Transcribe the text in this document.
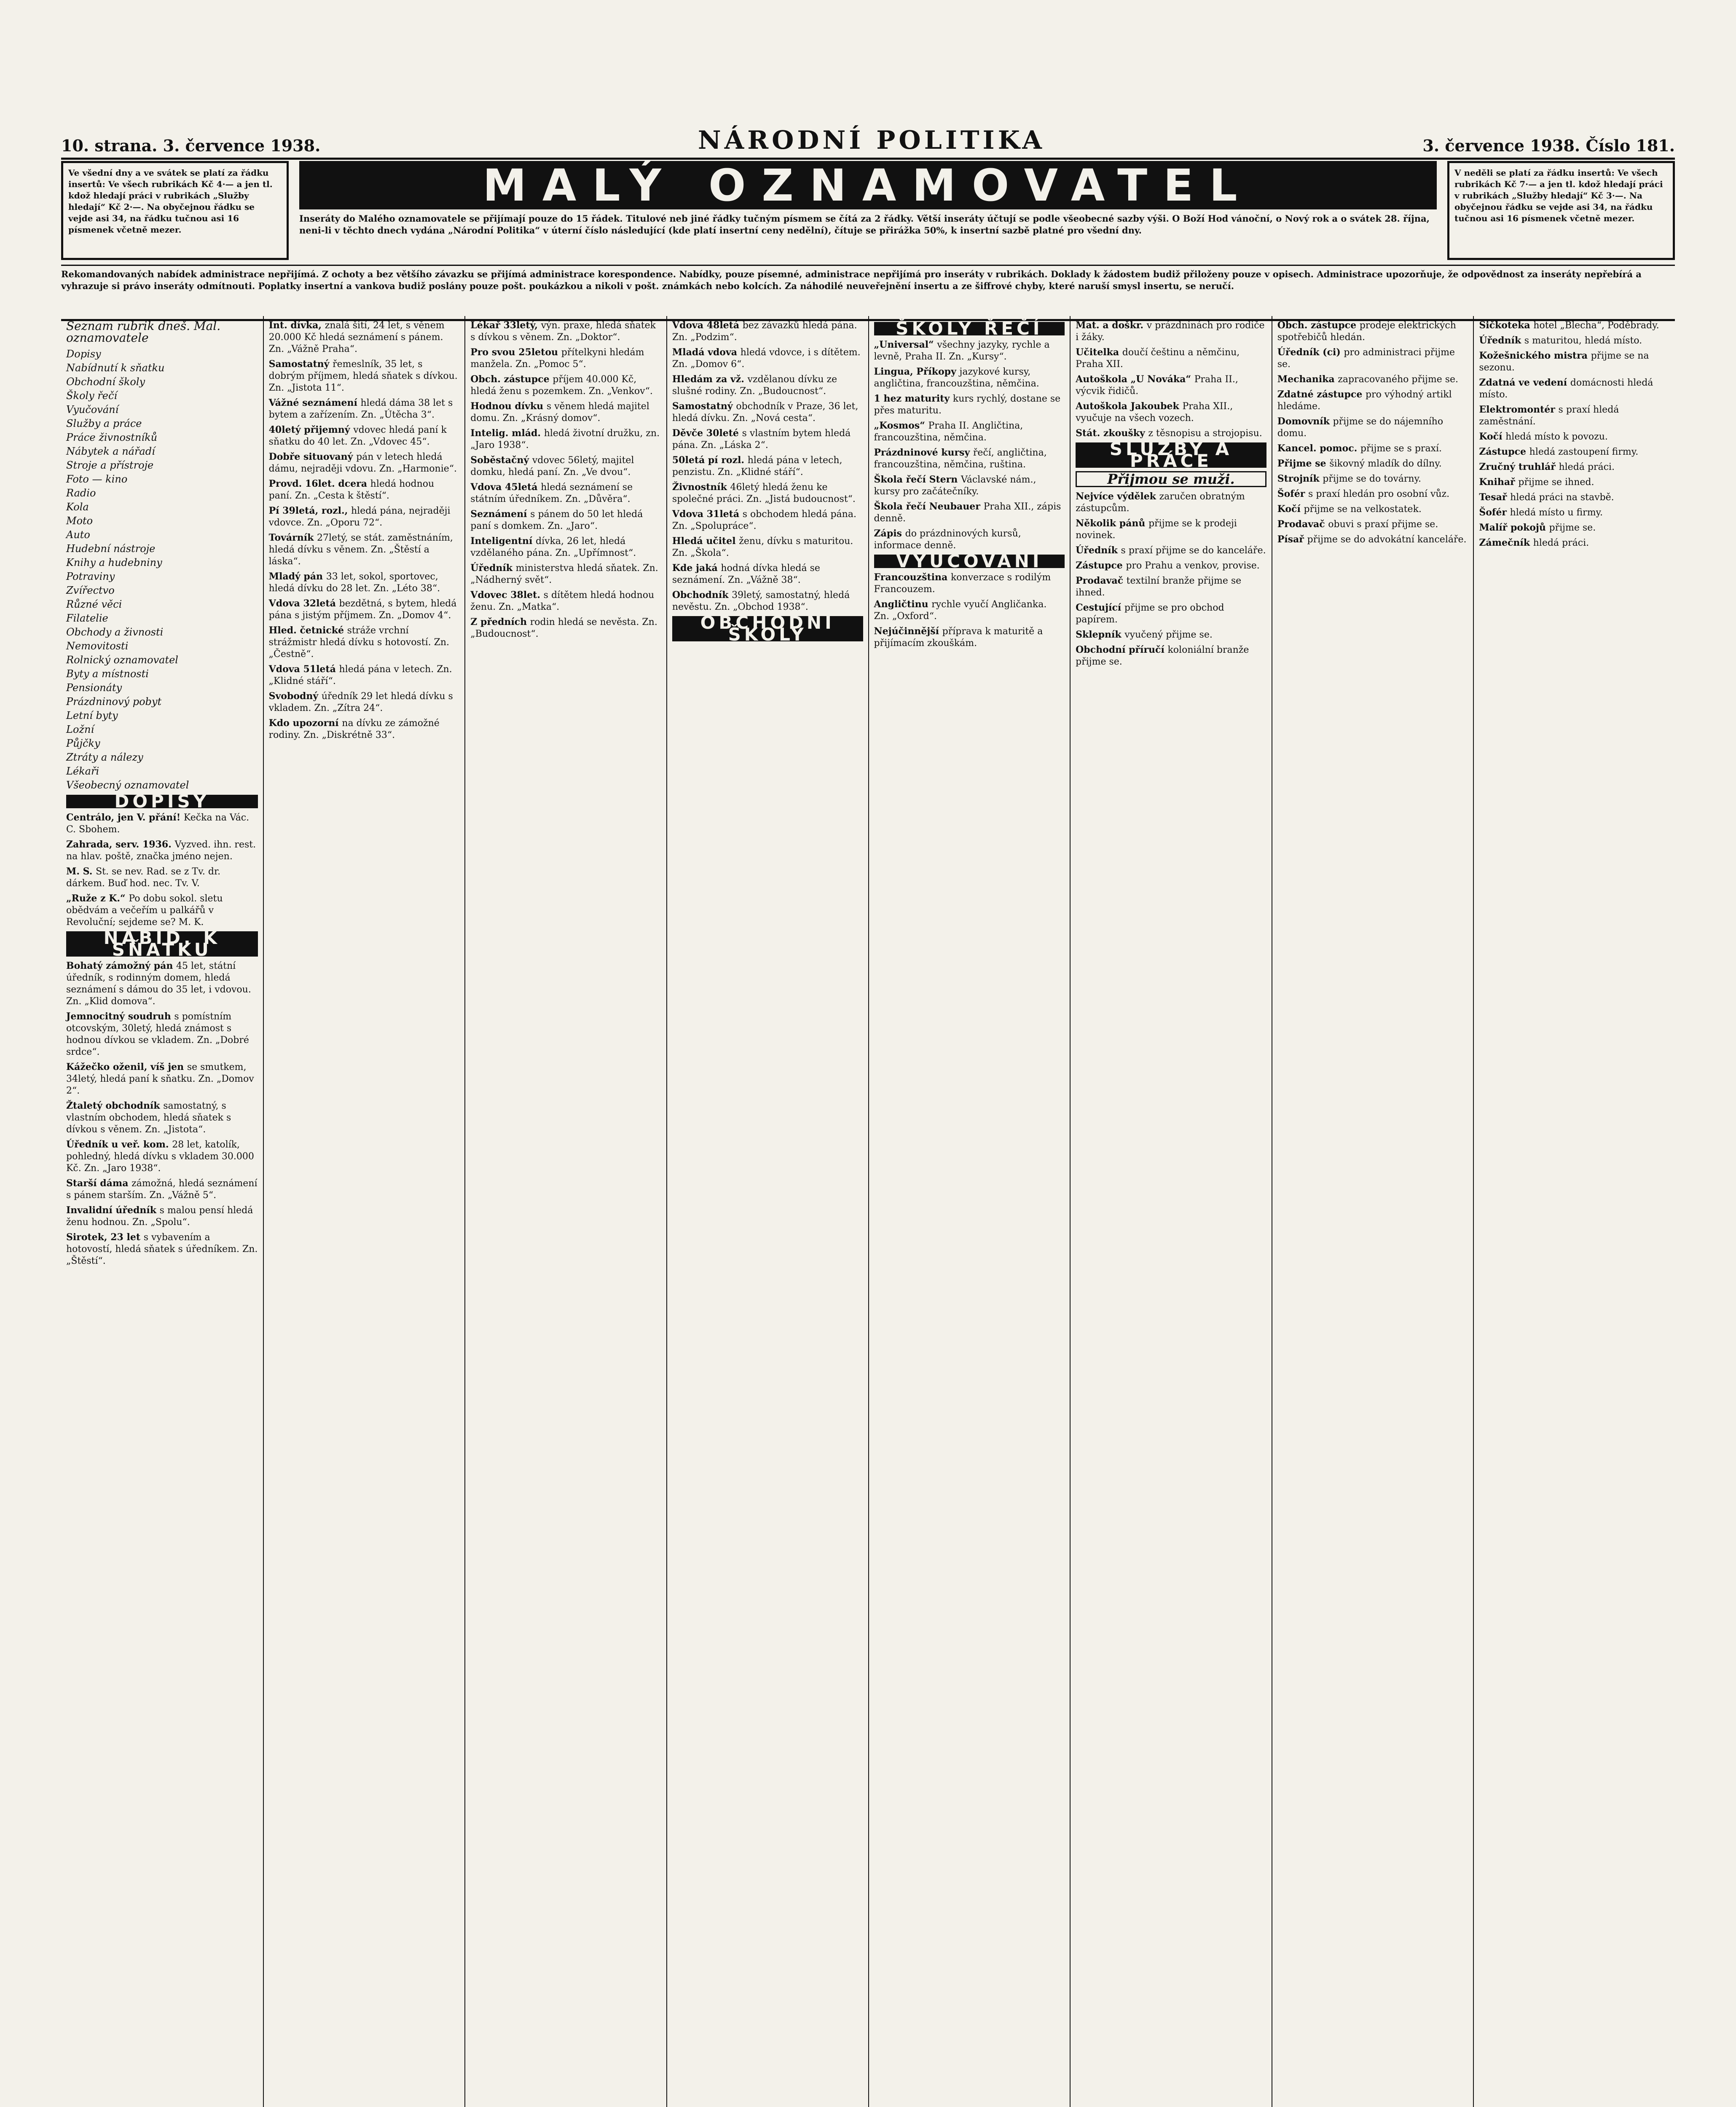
10. strana. 3. července 1938.	NÁRODNÍ POLITIKA	3. července 1938. Číslo 181.
Ve všední dny a ve svátek se platí za řádku insertů: Ve všech rubrikách Kč 4·— a jen tl. kdož hledají práci v rubrikách „Služby hledají“ Kč 2·—. Na obyčejnou řádku se vejde asi 34, na řádku tučnou asi 16 písmenek včetně mezer.
MALÝ OZNAMOVATEL
Inseráty do Malého oznamovatele se přijímají pouze do 15 řádek. Titulové neb jiné řádky tučným písmem se čítá za 2 řádky. Větší inseráty účtují se podle všeobecné sazby výši. O Boží Hod vánoční, o Nový rok a o svátek 28. října, neni-li v těchto dnech vydána „Národní Politika“ v úterní číslo následující (kde platí insertní ceny nedělní), čítuje se přirážka 50%, k insertní sazbě platné pro všední dny.
V neděli se platí za řádku insertů: Ve všech rubrikách Kč 7·— a jen tl. kdož hledají práci v rubrikách „Služby hledají“ Kč 3·—. Na obyčejnou řádku se vejde asi 34, na řádku tučnou asi 16 písmenek včetně mezer.
Rekomandovaných nabídek administrace nepřijímá. Z ochoty a bez většího závazku se přijímá administrace korespondence. Nabídky, pouze písemné, administrace nepřijímá pro inseráty v rubrikách. Doklady k žádostem budiž přiloženy pouze v opisech. Administrace upozorňuje, že odpovědnost za inseráty nepřebírá a vyhrazuje si právo inseráty odmítnouti. Poplatky insertní a vankova budiž poslány pouze pošt. poukázkou a nikoli v pošt. známkách nebo kolcích. Za náhodilé neuveřejnění insertu a ze šiffrové chyby, které naruší smysl insertu, se neručí.
Seznam rubrik dneš. Mal. oznamovatele
Dopisy
Nabídnutí k sňatku
Obchodní školy
Školy řečí
Vyučování
Služby a práce
Práce živnostníků
Nábytek a nářadí
Stroje a přístroje
Foto — kino
Radio
Kola
Moto
Auto
Hudební nástroje
Knihy a hudebniny
Potraviny
Zvířectvo
Různé věci
Filatelie
Obchody a živnosti
Nemovitosti
Rolnický oznamovatel
Byty a místnosti
Pensionáty
Prázdninový pobyt
Letní byty
Ložní
Půjčky
Ztráty a nálezy
Lékaři
Všeobecný oznamovatel
DOPISY
Centrálo, jen V. přání! Kečka na Vác. C. Sbohem.
Zahrada, serv. 1936. Vyzved. ihn. rest. na hlav. poště, značka jméno nejen.
M. S. St. se nev. Rad. se z Tv. dr. dárkem. Buď hod. nec. Tv. V.
„Ruže z K.“ Po dobu sokol. sletu obědvám a večeřím u palkářů v Revoluční; sejdeme se? M. K.
NABÍD. K SŇATKU
Bohatý zámožný pán 45 let, státní úředník, s rodinným domem, hledá seznámení s dámou do 35 let, i vdovou. Zn. „Klid domova“.
Jemnocitný soudruh s pomístním otcovským, 30letý, hledá známost s hodnou dívkou se vkladem. Zn. „Dobré srdce“.
Kážečko oženil, víš jen se smutkem, 34letý, hledá paní k sňatku. Zn. „Domov 2“.
Žtaletý obchodník samostatný, s vlastním obchodem, hledá sňatek s dívkou s věnem. Zn. „Jistota“.
Úředník u veř. kom. 28 let, katolík, pohledný, hledá dívku s vkladem 30.000 Kč. Zn. „Jaro 1938“.
Starší dáma zámožná, hledá seznámení s pánem starším. Zn. „Vážně 5“.
Invalidní úředník s malou pensí hledá ženu hodnou. Zn. „Spolu“.
Sirotek, 23 let s vybavením a hotovostí, hledá sňatek s úředníkem. Zn. „Štěstí“.
Int. dívka, znalá šití, 24 let, s věnem 20.000 Kč hledá seznámení s pánem. Zn. „Vážně Praha“.
Samostatný řemeslník, 35 let, s dobrým příjmem, hledá sňatek s dívkou. Zn. „Jistota 11“.
Vážné seznámení hledá dáma 38 let s bytem a zařízením. Zn. „Útěcha 3“.
40letý přijemný vdovec hledá paní k sňatku do 40 let. Zn. „Vdovec 45“.
Dobře situovaný pán v letech hledá dámu, nejraději vdovu. Zn. „Harmonie“.
Provd. 16let. dcera hledá hodnou paní. Zn. „Cesta k štěstí“.
Pí 39letá, rozl., hledá pána, nejraději vdovce. Zn. „Oporu 72“.
Továrník 27letý, se stát. zaměstnáním, hledá dívku s věnem. Zn. „Štěstí a láska“.
Mladý pán 33 let, sokol, sportovec, hledá dívku do 28 let. Zn. „Léto 38“.
Vdova 32letá bezdětná, s bytem, hledá pána s jistým příjmem. Zn. „Domov 4“.
Hled. četnické stráže vrchní strážmistr hledá dívku s hotovostí. Zn. „Čestně“.
Vdova 51letá hledá pána v letech. Zn. „Klidné stáří“.
Svobodný úředník 29 let hledá dívku s vkladem. Zn. „Zítra 24“.
Kdo upozorní na dívku ze zámožné rodiny. Zn. „Diskrétně 33“.
Lékař 33letý, výn. praxe, hledá sňatek s dívkou s věnem. Zn. „Doktor“.
Pro svou 25letou přítelkyni hledám manžela. Zn. „Pomoc 5“.
Obch. zástupce příjem 40.000 Kč, hledá ženu s pozemkem. Zn. „Venkov“.
Hodnou dívku s věnem hledá majitel domu. Zn. „Krásný domov“.
Intelig. mlád. hledá životní družku, zn. „Jaro 1938“.
Soběstačný vdovec 56letý, majitel domku, hledá paní. Zn. „Ve dvou“.
Vdova 45letá hledá seznámení se státním úředníkem. Zn. „Důvěra“.
Seznámení s pánem do 50 let hledá paní s domkem. Zn. „Jaro“.
Inteligentní dívka, 26 let, hledá vzdělaného pána. Zn. „Upřímnost“.
Úředník ministerstva hledá sňatek. Zn. „Nádherný svět“.
Vdovec 38let. s dítětem hledá hodnou ženu. Zn. „Matka“.
Z předních rodin hledá se nevěsta. Zn. „Budoucnost“.
Vdova 48letá bez závazků hledá pána. Zn. „Podzim“.
Mladá vdova hledá vdovce, i s dítětem. Zn. „Domov 6“.
Hledám za vž. vzdělanou dívku ze slušné rodiny. Zn. „Budoucnost“.
Samostatný obchodník v Praze, 36 let, hledá dívku. Zn. „Nová cesta“.
Děvče 30leté s vlastním bytem hledá pána. Zn. „Láska 2“.
50letá pí rozl. hledá pána v letech, penzistu. Zn. „Klidné stáří“.
Živnostník 46letý hledá ženu ke společné práci. Zn. „Jistá budoucnost“.
Vdova 31letá s obchodem hledá pána. Zn. „Spolupráce“.
Hledá učitel ženu, dívku s maturitou. Zn. „Škola“.
Kde jaká hodná dívka hledá se seznámení. Zn. „Vážně 38“.
Obchodník 39letý, samostatný, hledá nevěstu. Zn. „Obchod 1938“.
OBCHODNÍ ŠKOLY
ŠKOLY ŘEČÍ
„Universal“ všechny jazyky, rychle a levně, Praha II. Zn. „Kursy“.
Lingua, Příkopy jazykové kursy, angličtina, francouzština, němčina.
1 hez maturity kurs rychlý, dostane se přes maturitu.
„Kosmos“ Praha II. Angličtina, francouzština, němčina.
Prázdninové kursy řečí, angličtina, francouzština, němčina, ruština.
Škola řečí Stern Václavské nám., kursy pro začátečníky.
Škola řečí Neubauer Praha XII., zápis denně.
Zápis do prázdninových kursů, informace denně.
VYUČOVÁNÍ
Francouzština konverzace s rodilým Francouzem.
Angličtinu rychle vyučí Angličanka. Zn. „Oxford“.
Nejúčinnější příprava k maturitě a přijímacím zkouškám.
Mat. a doškr. v prázdninách pro rodiče i žáky.
Učitelka doučí češtinu a němčinu, Praha XII.
Autoškola „U Nováka“ Praha II., výcvik řidičů.
Autoškola Jakoubek Praha XII., vyučuje na všech vozech.
Stát. zkoušky z těsnopisu a strojopisu.
SLUŽBY A PRÁCE
Přijmou se muži.
Nejvíce výdělek zaručen obratným zástupcům.
Několik pánů přijme se k prodeji novinek.
Úředník s praxí přijme se do kanceláře.
Zástupce pro Prahu a venkov, provise.
Prodavač textilní branže přijme se ihned.
Cestující přijme se pro obchod papírem.
Sklepník vyučený přijme se.
Obchodní příručí koloniální branže přijme se.
Obch. zástupce prodeje elektrických spotřebičů hledán.
Úředník (ci) pro administraci přijme se.
Mechanika zapracovaného přijme se.
Zdatné zástupce pro výhodný artikl hledáme.
Domovník přijme se do nájemního domu.
Kancel. pomoc. přijme se s praxí.
Přijme se šikovný mladík do dílny.
Strojník přijme se do továrny.
Šofér s praxí hledán pro osobní vůz.
Kočí přijme se na velkostatek.
Prodavač obuvi s praxí přijme se.
Písař přijme se do advokátní kanceláře.
Šičkoteka hotel „Blecha“, Poděbrady.
Úředník s maturitou, hledá místo.
Kožešnického mistra přijme se na sezonu.
Zdatná ve vedení domácnosti hledá místo.
Elektromontér s praxí hledá zaměstnání.
Kočí hledá místo k povozu.
Zástupce hledá zastoupení firmy.
Zručný truhlář hledá práci.
Knihař přijme se ihned.
Tesař hledá práci na stavbě.
Šofér hledá místo u firmy.
Malíř pokojů přijme se.
Zámečník hledá práci.
